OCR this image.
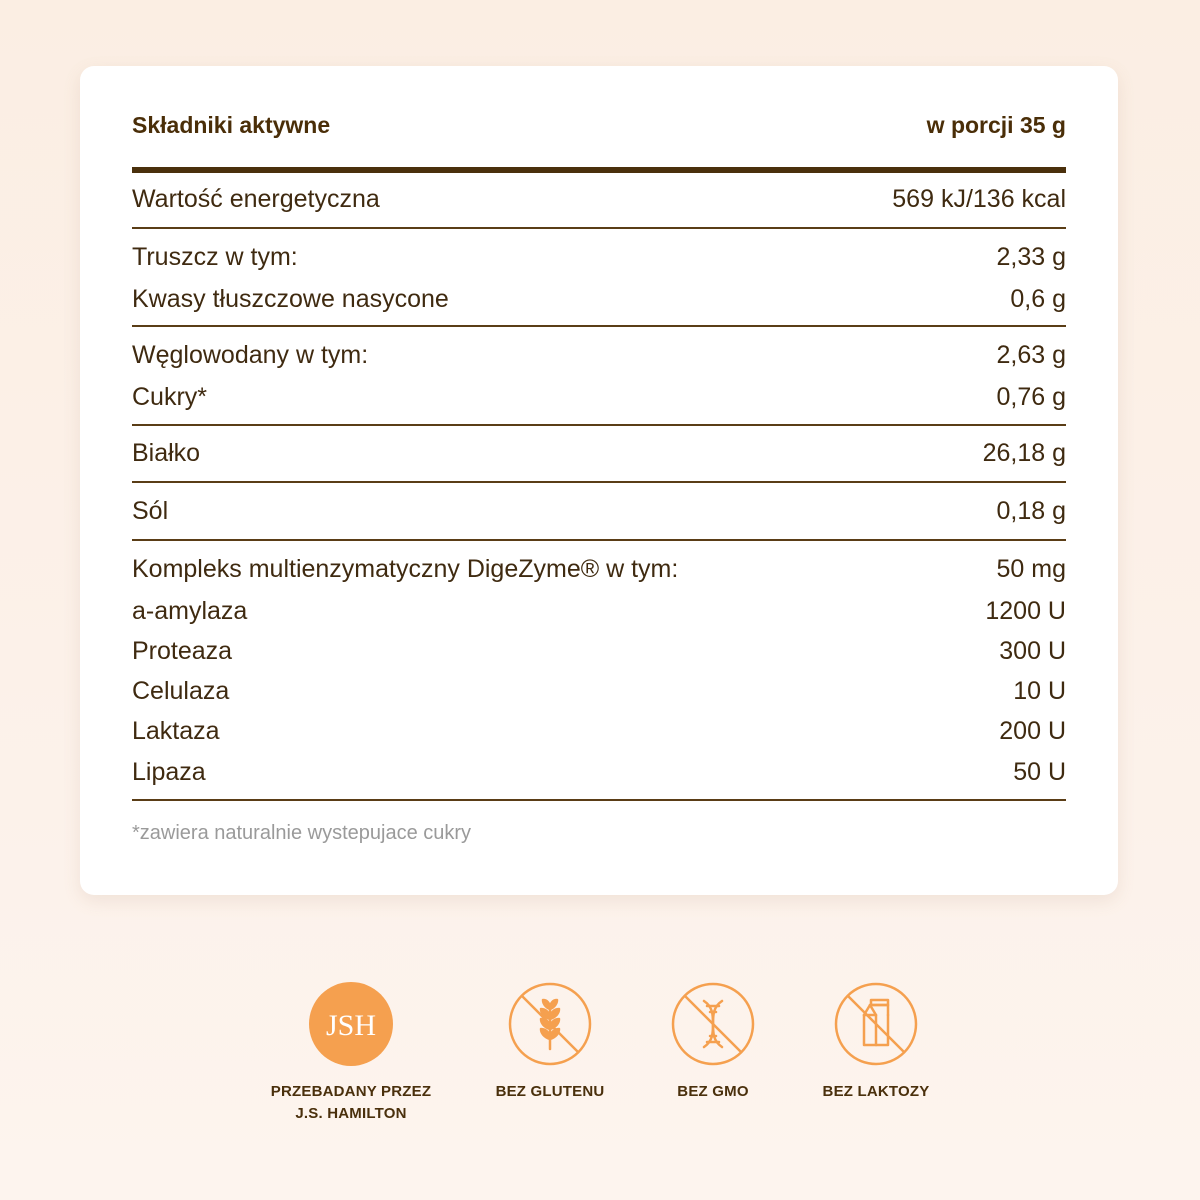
Składniki aktywne	w porcji 35 g
Wartość energetyczna	569 kJ/136 kcal
Truszcz w tym:	2,33 g
Kwasy tłuszczowe nasycone	0,6 g
Węglowodany w tym:	2,63 g
Cukry*	0,76 g
Białko	26,18 g
Sól	0,18 g
Kompleks multienzymatyczny DigeZyme® w tym:	50 mg
a-amylaza	1200 U
Proteaza	300 U
Celulaza	10 U
Laktaza	200 U
Lipaza	50 U
*zawiera naturalnie wystepujace cukry
JSH
PRZEBADANY PRZEZ
J.S. HAMILTON
BEZ GLUTENU	BEZ GMO	BEZ LAKTOZY
